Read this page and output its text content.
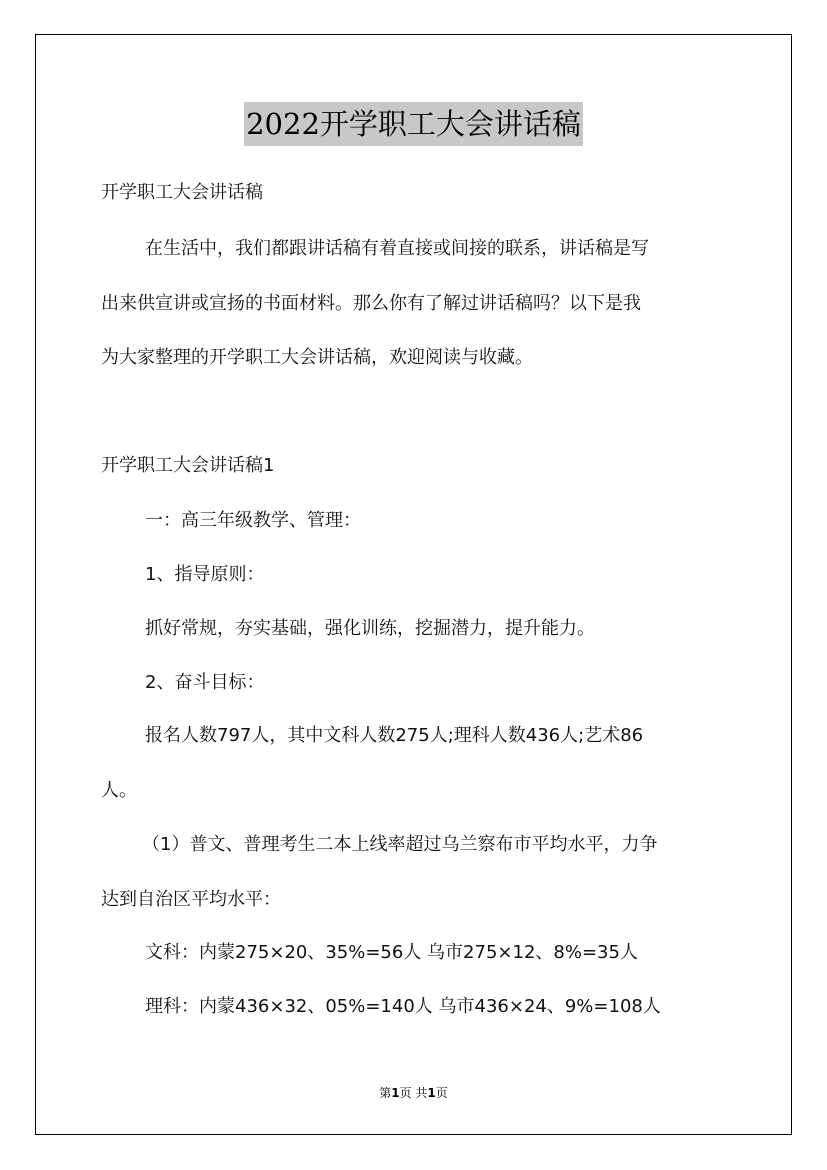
2022开学职工大会讲话稿
开学职工大会讲话稿
在生活中，我们都跟讲话稿有着直接或间接的联系，讲话稿是写
出来供宣讲或宣扬的书面材料。那么你有了解过讲话稿吗？以下是我
为大家整理的开学职工大会讲话稿，欢迎阅读与收藏。
开学职工大会讲话稿1
一：高三年级教学、管理：
1、指导原则：
抓好常规，夯实基础，强化训练，挖掘潜力，提升能力。
2、奋斗目标：
报名人数797人，其中文科人数275人;理科人数436人;艺术86
人。
（1）普文、普理考生二本上线率超过乌兰察布市平均水平，力争
达到自治区平均水平：
文科：内蒙275×20、35%=56人 乌市275×12、8%=35人
理科：内蒙436×32、05%=140人 乌市436×24、9%=108人
第1页 共1页
